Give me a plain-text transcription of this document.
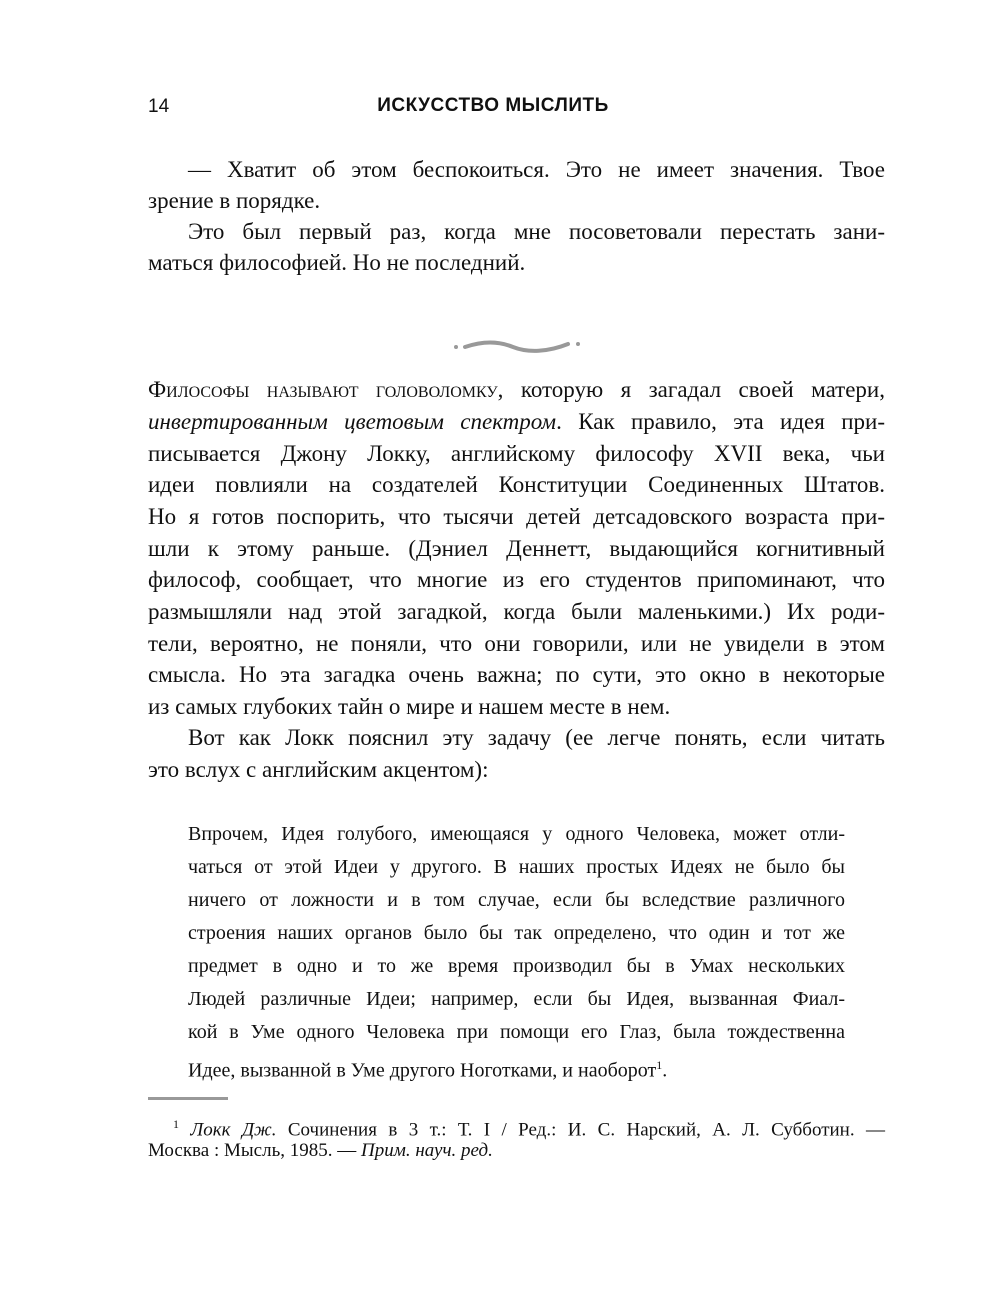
14	ИСКУССТВО МЫСЛИТЬ
— Хватит об этом беспокоиться. Это не имеет значения. Твое
зрение в порядке.
Это был первый раз, когда мне посоветовали перестать зани-
маться философией. Но не последний.
Философы называют головоломку, которую я загадал своей матери,
инвертированным цветовым спектром. Как правило, эта идея при-
писывается Джону Локку, английскому философу XVII века, чьи
идеи повлияли на создателей Конституции Соединенных Штатов.
Но я готов поспорить, что тысячи детей детсадовского возраста при-
шли к этому раньше. (Дэниел Деннетт, выдающийся когнитивный
философ, сообщает, что многие из его студентов припоминают, что
размышляли над этой загадкой, когда были маленькими.) Их роди-
тели, вероятно, не поняли, что они говорили, или не увидели в этом
смысла. Но эта загадка очень важна; по сути, это окно в некоторые
из самых глубоких тайн о мире и нашем месте в нем.
Вот как Локк пояснил эту задачу (ее легче понять, если читать
это вслух с английским акцентом):
Впрочем, Идея голубого, имеющаяся у одного Человека, может отли-
чаться от этой Идеи у другого. В наших простых Идеях не было бы
ничего от ложности и в том случае, если бы вследствие различного
строения наших органов было бы так определено, что один и тот же
предмет в одно и то же время производил бы в Умах нескольких
Людей различные Идеи; например, если бы Идея, вызванная Фиал-
кой в Уме одного Человека при помощи его Глаз, была тождественна
Идее, вызванной в Уме другого Ноготками, и наоборот$^1$.
$^1$ Локк Дж. Сочинения в 3 т.: Т. I / Ред.: И. С. Нарский, А. Л. Субботин. —
Москва : Мысль, 1985. — Прим. науч. ред.
